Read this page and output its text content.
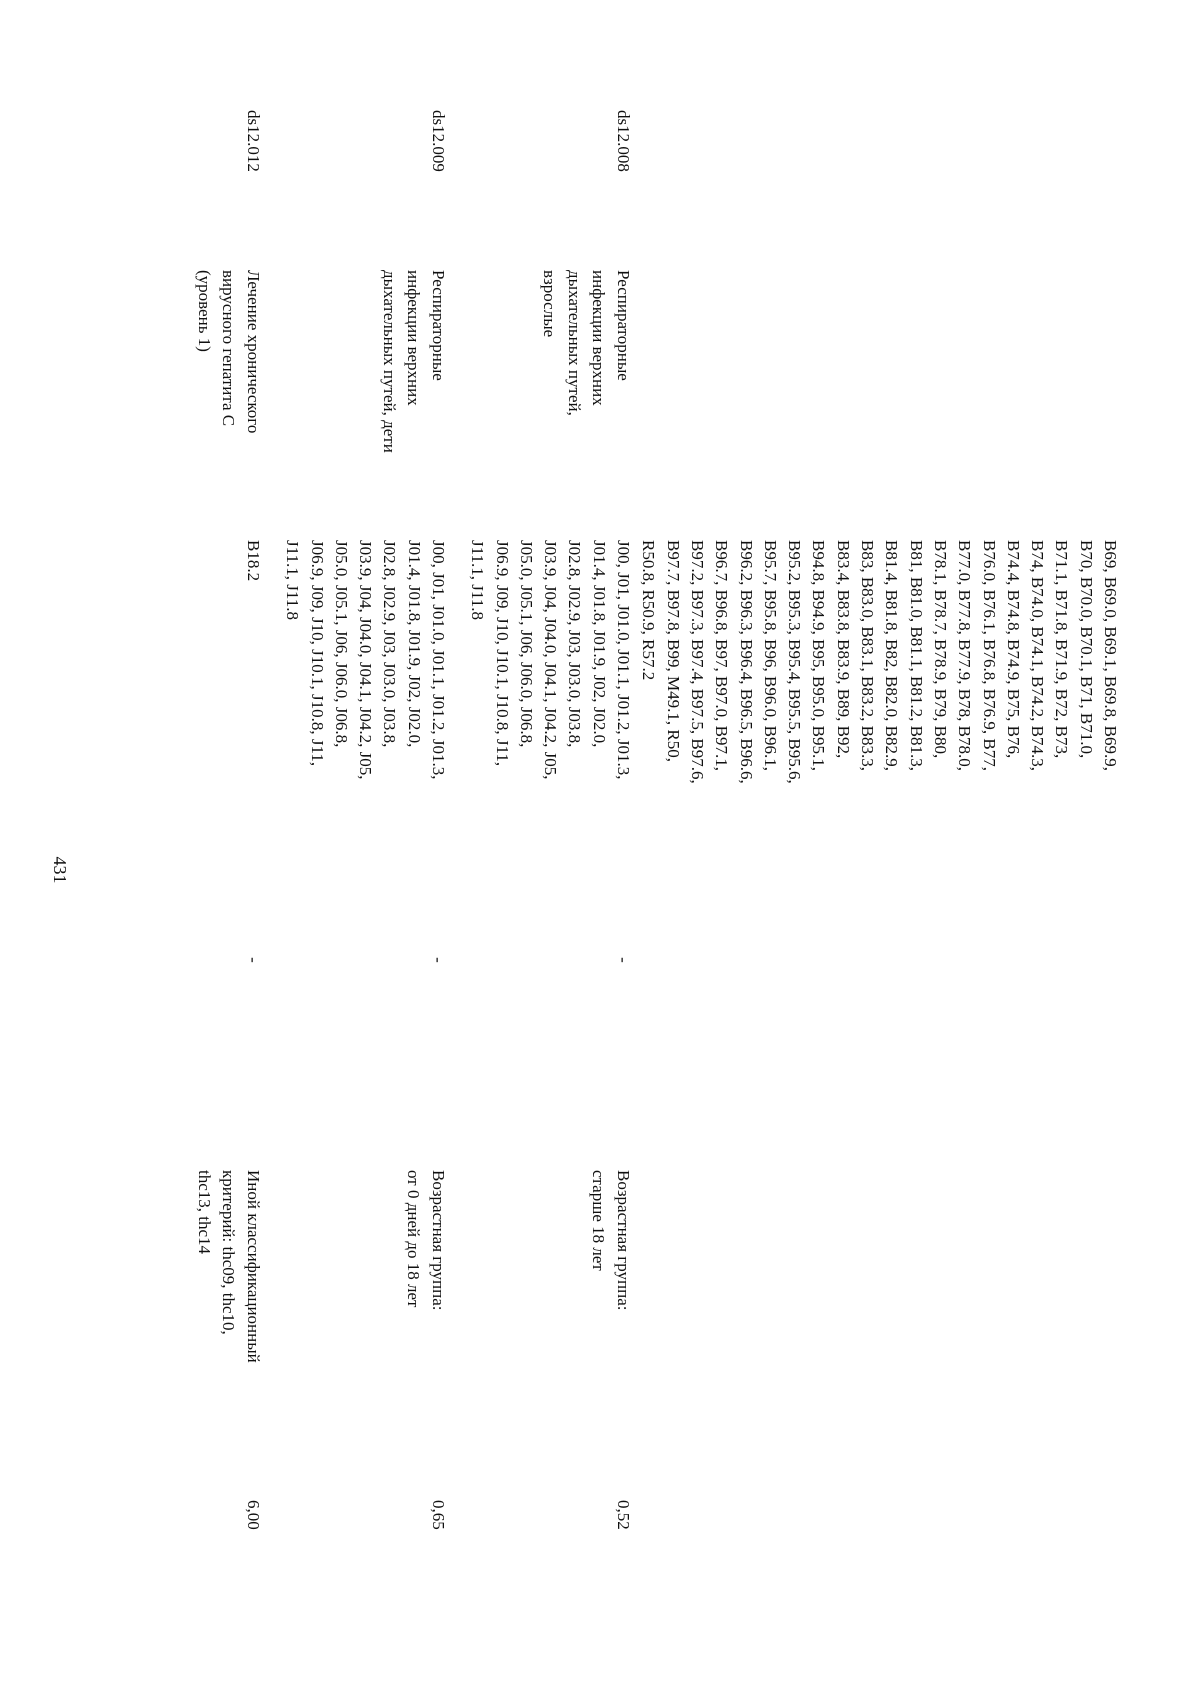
431
B69, B69.0, B69.1, B69.8, B69.9,
B70, B70.0, B70.1, B71, B71.0,
B71.1, B71.8, B71.9, B72, B73,
B74, B74.0, B74.1, B74.2, B74.3,
B74.4, B74.8, B74.9, B75, B76,
B76.0, B76.1, B76.8, B76.9, B77,
B77.0, B77.8, B77.9, B78, B78.0,
B78.1, B78.7, B78.9, B79, B80,
B81, B81.0, B81.1, B81.2, B81.3,
B81.4, B81.8, B82, B82.0, B82.9,
B83, B83.0, B83.1, B83.2, B83.3,
B83.4, B83.8, B83.9, B89, B92,
B94.8, B94.9, B95, B95.0, B95.1,
B95.2, B95.3, B95.4, B95.5, B95.6,
B95.7, B95.8, B96, B96.0, B96.1,
B96.2, B96.3, B96.4, B96.5, B96.6,
B96.7, B96.8, B97, B97.0, B97.1,
B97.2, B97.3, B97.4, B97.5, B97.6,
B97.7, B97.8, B99, M49.1, R50,
R50.8, R50.9, R57.2
ds12.008
Респираторные
инфекции верхних
дыхательных путей,
взрослые
J00, J01, J01.0, J01.1, J01.2, J01.3,
J01.4, J01.8, J01.9, J02, J02.0,
J02.8, J02.9, J03, J03.0, J03.8,
J03.9, J04, J04.0, J04.1, J04.2, J05,
J05.0, J05.1, J06, J06.0, J06.8,
J06.9, J09, J10, J10.1, J10.8, J11,
J11.1, J11.8
-
Возрастная группа:
старше 18 лет
0,52
ds12.009
Респираторные
инфекции верхних
дыхательных путей, дети
J00, J01, J01.0, J01.1, J01.2, J01.3,
J01.4, J01.8, J01.9, J02, J02.0,
J02.8, J02.9, J03, J03.0, J03.8,
J03.9, J04, J04.0, J04.1, J04.2, J05,
J05.0, J05.1, J06, J06.0, J06.8,
J06.9, J09, J10, J10.1, J10.8, J11,
J11.1, J11.8
-
Возрастная группа:
от 0 дней до 18 лет
0,65
ds12.012
Лечение хронического
вирусного гепатита C
(уровень 1)
B18.2
-
Иной классификационный
критерий: thc09, thc10,
thc13, thc14
6,00
